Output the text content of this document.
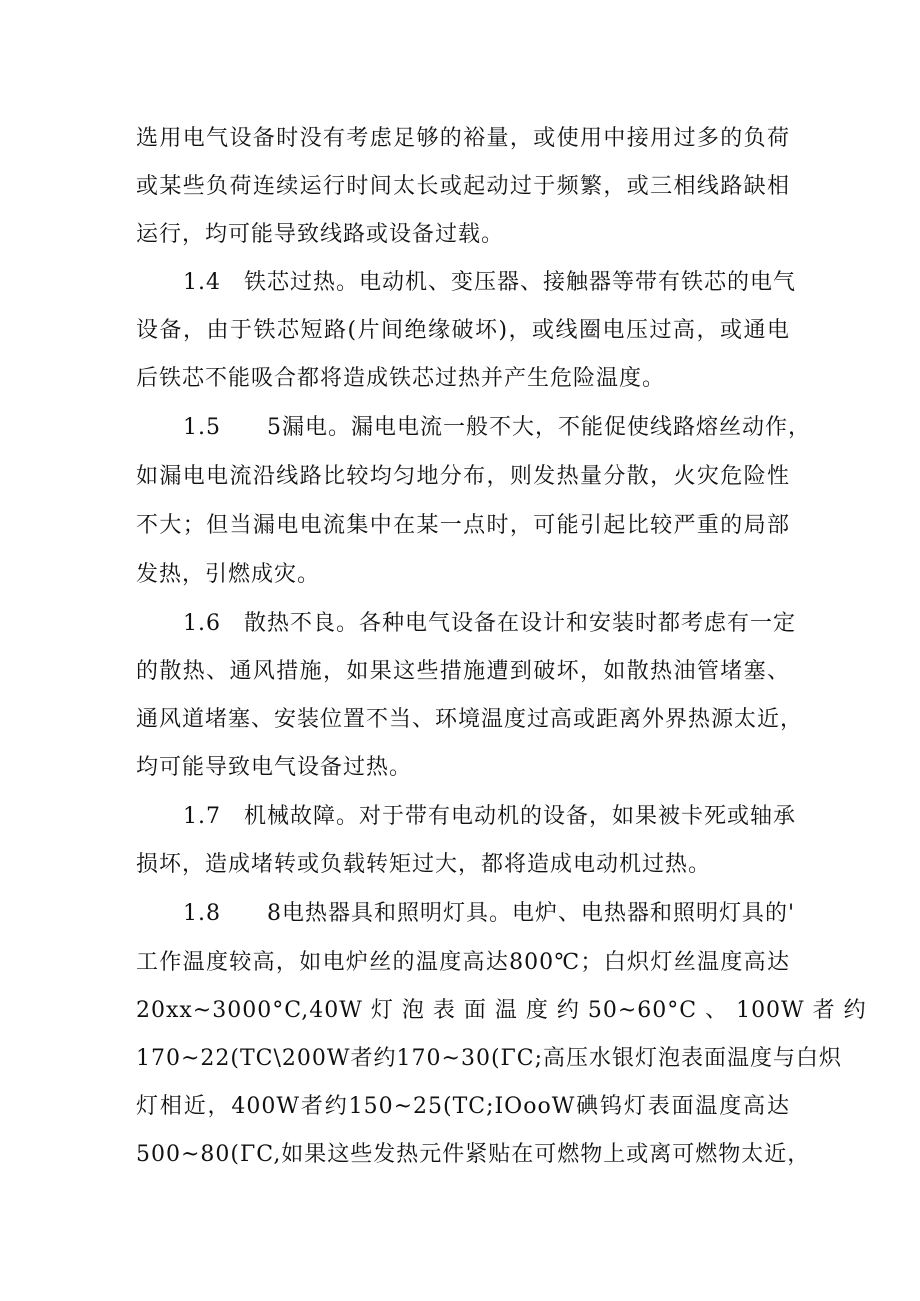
选用电气设备时没有考虑足够的裕量，或使用中接用过多的负荷
或某些负荷连续运行时间太长或起动过于频繁，或三相线路缺相
运行，均可能导致线路或设备过载。
1.4　铁芯过热。电动机、变压器、接触器等带有铁芯的电气
设备，由于铁芯短路(片间绝缘破坏)，或线圈电压过高，或通电
后铁芯不能吸合都将造成铁芯过热并产生危险温度。
1.5　　5漏电。漏电电流一般不大，不能促使线路熔丝动作，
如漏电电流沿线路比较均匀地分布，则发热量分散，火灾危险性
不大；但当漏电电流集中在某一点时，可能引起比较严重的局部
发热，引燃成灾。
1.6　散热不良。各种电气设备在设计和安装时都考虑有一定
的散热、通风措施，如果这些措施遭到破坏，如散热油管堵塞、
通风道堵塞、安装位置不当、环境温度过高或距离外界热源太近，
均可能导致电气设备过热。
1.7　机械故障。对于带有电动机的设备，如果被卡死或轴承
损坏，造成堵转或负载转矩过大，都将造成电动机过热。
1.8　　8电热器具和照明灯具。电炉、电热器和照明灯具的'
工作温度较高，如电炉丝的温度高达800℃；白炽灯丝温度高达
20xx~3000°C,40W 灯 泡 表 面 温 度 约 50~60°C 、 100W 者 约
170~22(TC\200W者约170~30(ΓC;高压水银灯泡表面温度与白炽
灯相近，400W者约150~25(TC;IOooW碘钨灯表面温度高达
500~80(ΓC,如果这些发热元件紧贴在可燃物上或离可燃物太近，
